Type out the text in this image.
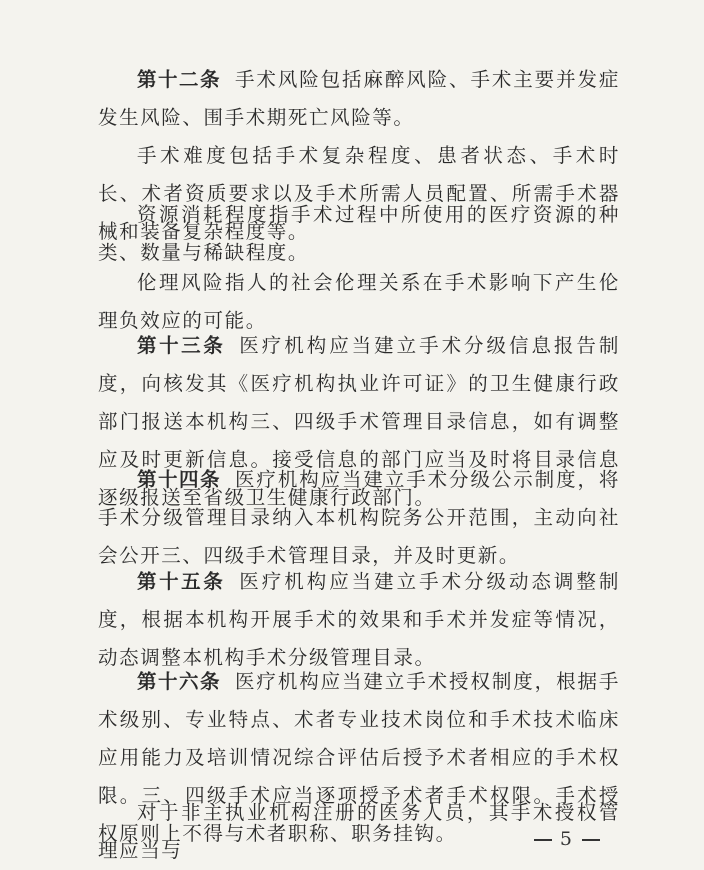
第十二条 手术风险包括麻醉风险、手术主要并发症发生风险、围手术期死亡风险等。

手术难度包括手术复杂程度、患者状态、手术时长、术者资质要求以及手术所需人员配置、所需手术器械和装备复杂程度等。

资源消耗程度指手术过程中所使用的医疗资源的种类、数量与稀缺程度。

伦理风险指人的社会伦理关系在手术影响下产生伦理负效应的可能。

第十三条 医疗机构应当建立手术分级信息报告制度，向核发其《医疗机构执业许可证》的卫生健康行政部门报送本机构三、四级手术管理目录信息，如有调整应及时更新信息。接受信息的部门应当及时将目录信息逐级报送至省级卫生健康行政部门。

第十四条 医疗机构应当建立手术分级公示制度，将手术分级管理目录纳入本机构院务公开范围，主动向社会公开三、四级手术管理目录，并及时更新。

第十五条 医疗机构应当建立手术分级动态调整制度，根据本机构开展手术的效果和手术并发症等情况，动态调整本机构手术分级管理目录。

第十六条 医疗机构应当建立手术授权制度，根据手术级别、专业特点、术者专业技术岗位和手术技术临床应用能力及培训情况综合评估后授予术者相应的手术权限。三、四级手术应当逐项授予术者手术权限。手术授权原则上不得与术者职称、职务挂钩。

对于非主执业机构注册的医务人员，其手术授权管理应当与	5
